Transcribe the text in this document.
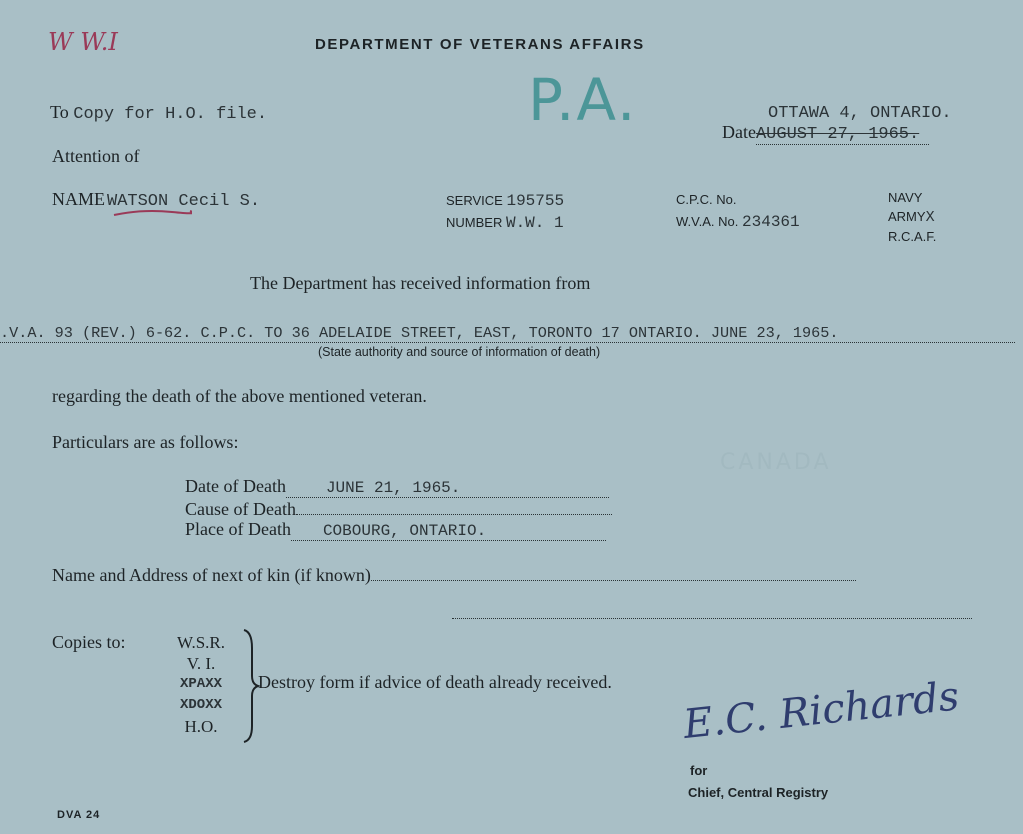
CANADA
W W.I	DEPARTMENT OF VETERANS AFFAIRS
P.A.
To Copy for H.O. file.	OTTAWA 4, ONTARIO.
DateAUGUST 27, 1965.
Attention of
NAME WATSON Cecil S.	SERVICE 195755
NUMBER W.W. 1
C.P.C. No.
W.V.A. No. 234361
NAVY
ARMYX
R.C.A.F.
The Department has received information from
.V.A. 93 (REV.) 6-62. C.P.C. TO 36 ADELAIDE STREET, EAST, TORONTO 17 ONTARIO. JUNE 23, 1965.
(State authority and source of information of death)
regarding the death of the above mentioned veteran.
Particulars are as follows:
Date of Death	JUNE 21, 1965.
Cause of Death
Place of Death COBOURG, ONTARIO.
Name and Address of next of kin (if known)
Copies to:	W.S.R.
V. I.
XPAXX
XDOXX
H.O.
Destroy form if advice of death already received. E.C. Richards
for
Chief, Central Registry
DVA 24
